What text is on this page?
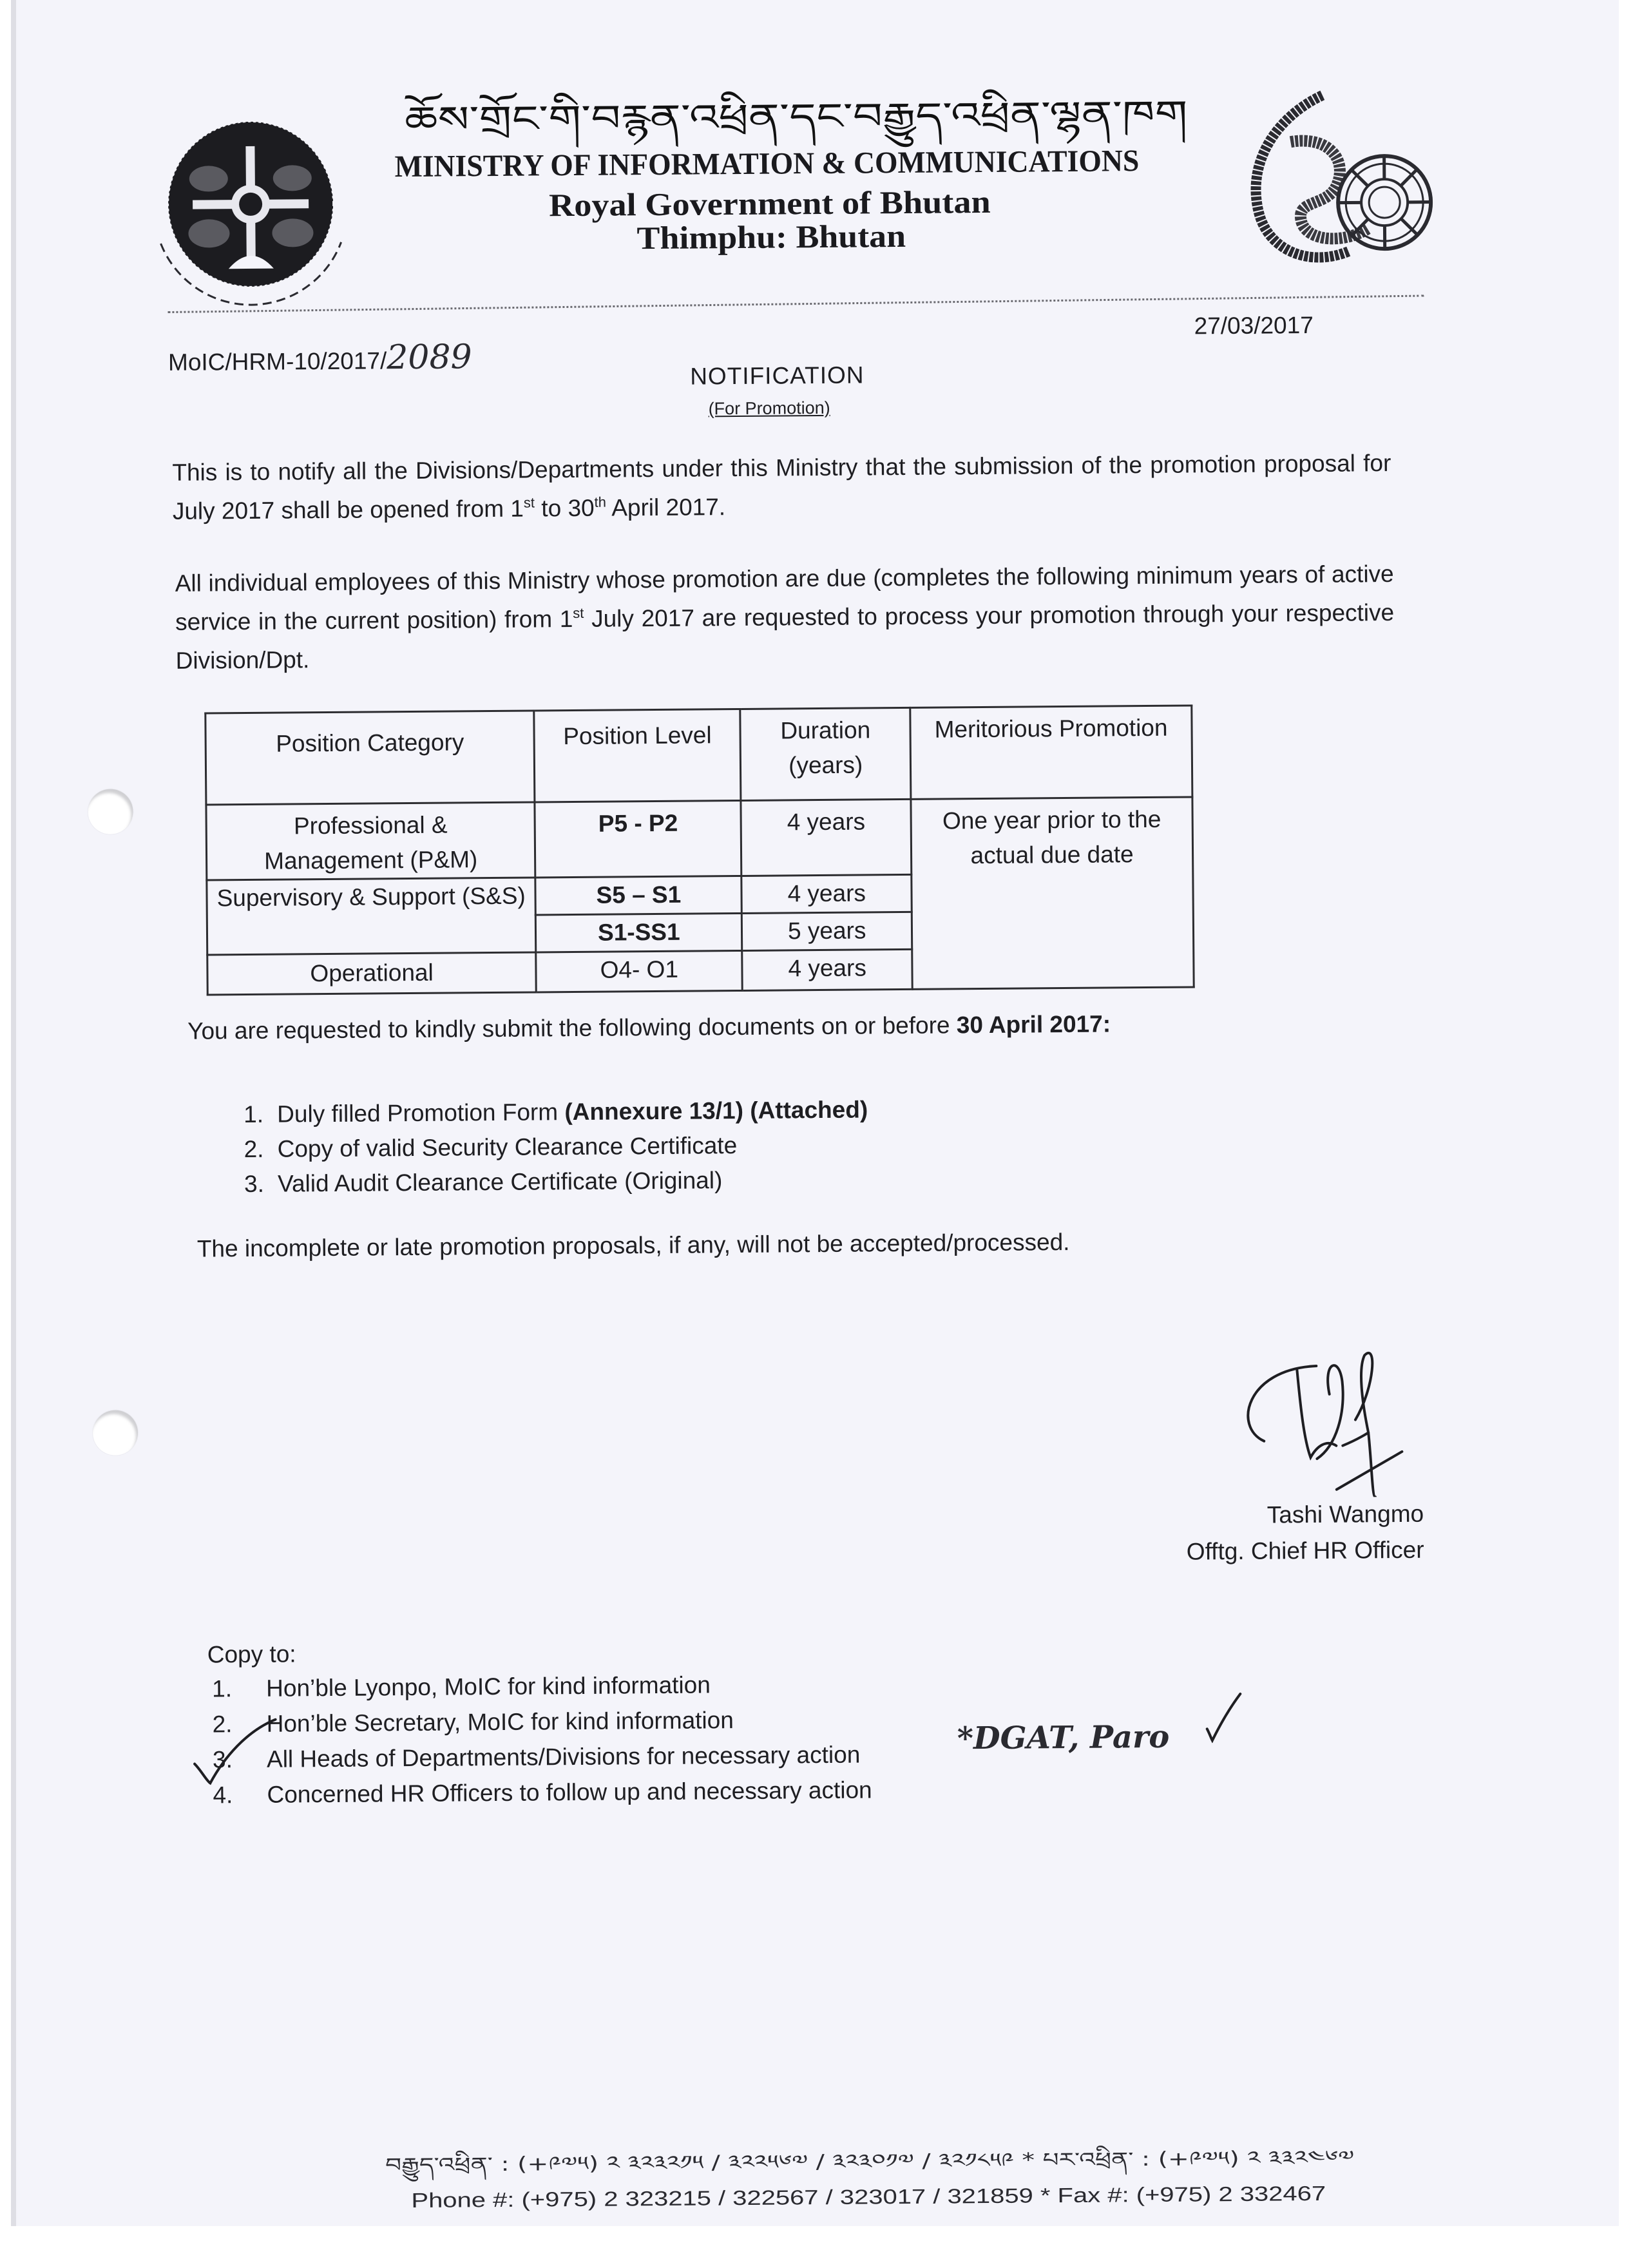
ཆོས་གྲོང་གི་བརྙན་འཕྲིན་དང་བརྒྱུད་འཕྲིན་ལྷན་ཁག
MINISTRY OF INFORMATION & COMMUNICATIONS
Royal Government of Bhutan
Thimphu: Bhutan
MoIC/HRM-10/2017/2089
27/03/2017
NOTIFICATION
(For Promotion)
This is to notify all the Divisions/Departments under this Ministry that the submission of the promotion proposal for July 2017 shall be opened from 1st to 30th April 2017.
All individual employees of this Ministry whose promotion are due (completes the following minimum years of active service in the current position) from 1st July 2017 are requested to process your promotion through your respective Division/Dpt.
Position Category	Position Level	Duration (years)	Meritorious Promotion
Professional & Management (P&M)	P5 - P2	4 years	One year prior to the actual due date
Supervisory & Support (S&S)	S5 – S1	4 years	
	S1-SS1	5 years	
Operational	O4- O1	4 years	
You are requested to kindly submit the following documents on or before 30 April 2017:
1. Duly filled Promotion Form (Annexure 13/1) (Attached)
2. Copy of valid Security Clearance Certificate
3. Valid Audit Clearance Certificate (Original)
The incomplete or late promotion proposals, if any, will not be accepted/processed.
Tashi Wangmo
Offtg. Chief HR Officer
Copy to:
1. Hon’ble Lyonpo, MoIC for kind information
2. Hon’ble Secretary, MoIC for kind information
3. All Heads of Departments/Divisions for necessary action
4. Concerned HR Officers to follow up and necessary action
*DGAT, Paro
བརྒྱུད་འཕྲིན་ : (+༩༧༥) ༢ ༣༢༣༢༡༥ / ༣༢༢༥༦༧ / ༣༢༣༠༡༧ / ༣༢༡༨༥༩ * པར་འཕྲིན་ : (+༩༧༥) ༢ ༣༣༢༤༦༧
Phone #: (+975) 2 323215 / 322567 / 323017 / 321859 * Fax #: (+975) 2 332467
